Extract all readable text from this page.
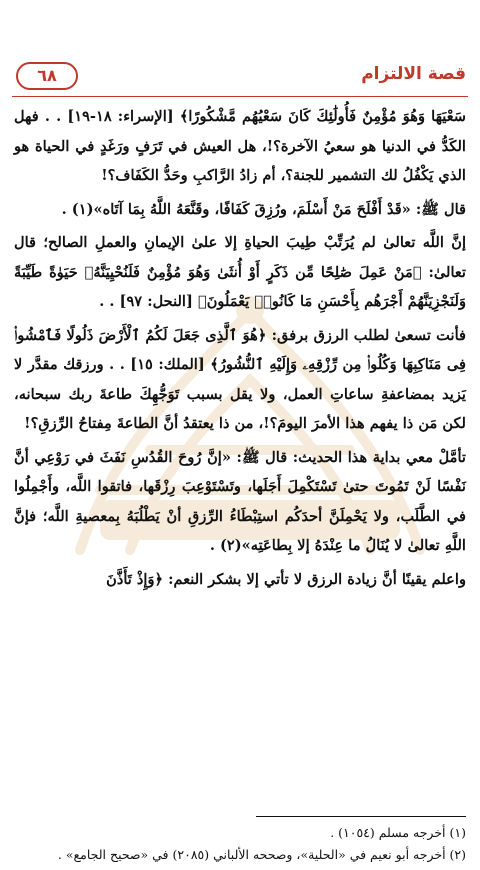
قصة الالتزام
٦٨

سَعْيَهَا وَهُوَ مُؤْمِنٌ فَأُولَٰئِكَ كَانَ سَعْيُهُم مَّشْكُورًا﴾ [الإسراء: ١٨-١٩] . . فهل الكَدُّ في الدنيا هو سعيُ الآخرة؟!، هل العيش في تَرَفٍ ورَغَدٍ في الحياة هو الذي يَكْفُلُ لك التشمير للجنة؟، أم زادُ الرَّاكبِ وحَدُّ الكَفَاف؟!

قال ﷺ: «قَدْ أَفْلَحَ مَنْ أَسْلَمَ، ورُزِقَ كَفَافًا، وقَنَّعَهُ اللَّهُ بِمَا آتَاه»(١) .

إنَّ اللَّه تعالىٰ لم يُرَتِّبْ طِيبَ الحياةِ إلا علىٰ الإيمانِ والعملِ الصالح؛ قال تعالىٰ: ﴿مَنْ عَمِلَ صَٰلِحًا مِّن ذَكَرٍ أَوْ أُنثَىٰ وَهُوَ مُؤْمِنٌ فَلَنُحْيِيَنَّهُۥ حَيَوٰةً طَيِّبَةً وَلَنَجْزِيَنَّهُمْ أَجْرَهُم بِأَحْسَنِ مَا كَانُوا۟ يَعْمَلُونَ﴾ [النحل: ٩٧] . .

فأنت تسعىٰ لطلب الرزق برفق: ﴿هُوَ ٱلَّذِى جَعَلَ لَكُمُ ٱلْأَرْضَ ذَلُولًا فَٱمْشُوا۟ فِى مَنَاكِبِهَا وَكُلُوا۟ مِن رِّزْقِهِۦ وَإِلَيْهِ ٱلنُّشُورُ﴾ [الملك: ١٥] . . ورزقك مقدَّر لا يَزيد بمضاعفةِ ساعاتِ العمل، ولا يقل بسبب تَوَجُّهِكَ طاعةَ ربك سبحانه، لكن مَن ذا يفهم هذا الأمرَ اليومَ؟!، من ذا يعتقدُ أنَّ الطاعةَ مِفتاحُ الرِّزقِ؟!

تأمَّلْ معي بداية هذا الحديث: قال ﷺ: «إنَّ رُوحَ القُدُسِ نَفَثَ في رَوْعِي أنَّ نَفْسًا لَنْ تَمُوتَ حتىٰ تَسْتَكْمِلَ أَجَلَها، وتَسْتَوْعِبَ رِزْقَها، فاتقوا اللَّه، وأَجْمِلُوا في الطَّلَب، ولا يَحْمِلَنَّ أحدَكُم استِبْطَاءُ الرِّزقِ أنْ يَطْلُبَهُ بِمعصيةِ اللَّه؛ فإنَّ اللَّهِ تعالىٰ لا يُنَالُ ما عِنْدَهُ إلا بِطاعَتِه»(٢) .

واعلم يقينًا أنَّ زيادة الرزق لا تأتي إلا بشكر النعم: ﴿وَإِذْ تَأَذَّنَ

(١) أخرجه مسلم (١٠٥٤) .

(٢) أخرجه أبو نعيم في «الحلية»، وصححه الألباني (٢٠٨٥) في «صحيح الجامع» .
